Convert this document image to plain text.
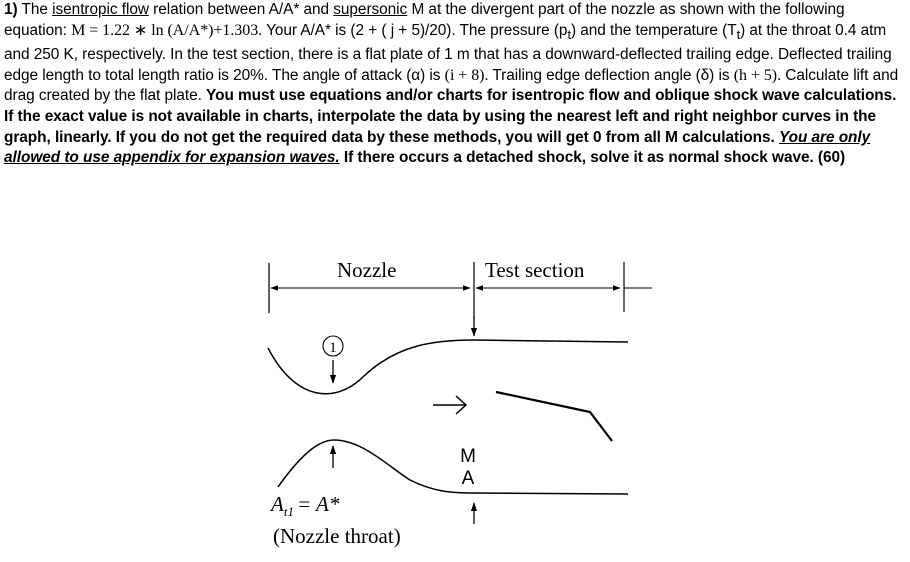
1) The isentropic flow relation between A/A* and supersonic M at the divergent part of the nozzle as shown with the following equation: M = 1.22 ∗ ln (A/A*)+1.303. Your A/A* is (2 + ( j + 5)/20). The pressure $(p_t)$ and the temperature $(T_t)$ at the throat 0.4 atm and 250 K, respectively. In the test section, there is a flat plate of 1 m that has a downward-deflected trailing edge. Deflected trailing edge length to total length ratio is 20%. The angle of attack (α) is (i + 8). Trailing edge deflection angle (δ) is (h + 5). Calculate lift and drag created by the flat plate. You must use equations and/or charts for isentropic flow and oblique shock wave calculations. If the exact value is not available in charts, interpolate the data by using the nearest left and right neighbor curves in the graph, linearly. If you do not get the required data by these methods, you will get 0 from all M calculations. You are only allowed to use appendix for expansion waves. If there occurs a detached shock, solve it as normal shock wave. (60)

Nozzle	Test section
1
M
A
$A_{t1} = A*$
(Nozzle throat)
